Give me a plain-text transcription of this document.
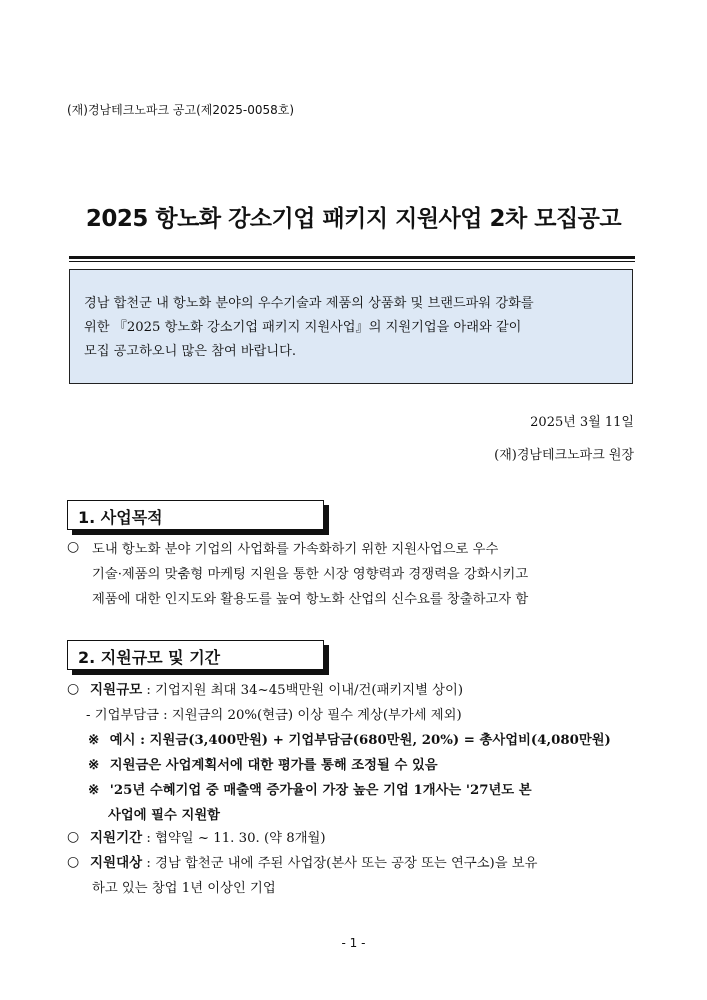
(재)경남테크노파크 공고(제2025-0058호)
2025 항노화 강소기업 패키지 지원사업 2차 모집공고
경남 합천군 내 항노화 분야의 우수기술과 제품의 상품화 및 브랜드파워 강화를
위한 『2025 항노화 강소기업 패키지 지원사업』의 지원기업을 아래와 같이
모집 공고하오니 많은 참여 바랍니다.
2025년 3월 11일
(재)경남테크노파크 원장
1. 사업목적
○ 도내 항노화 분야 기업의 사업화를 가속화하기 위한 지원사업으로 우수
기술·제품의 맞춤형 마케팅 지원을 통한 시장 영향력과 경쟁력을 강화시키고
제품에 대한 인지도와 활용도를 높여 항노화 산업의 신수요를 창출하고자 함
2. 지원규모 및 기간
○ 지원규모 : 기업지원 최대 34~45백만원 이내/건(패키지별 상이)
- 기업부담금 : 지원금의 20%(현금) 이상 필수 계상(부가세 제외)
※ 예시 : 지원금(3,400만원) + 기업부담금(680만원, 20%) = 총사업비(4,080만원)
※ 지원금은 사업계획서에 대한 평가를 통해 조정될 수 있음
※ '25년 수혜기업 중 매출액 증가율이 가장 높은 기업 1개사는 '27년도 본
사업에 필수 지원함
○ 지원기간 : 협약일 ~ 11. 30. (약 8개월)
○ 지원대상 : 경남 합천군 내에 주된 사업장(본사 또는 공장 또는 연구소)을 보유
하고 있는 창업 1년 이상인 기업
- 1 -
